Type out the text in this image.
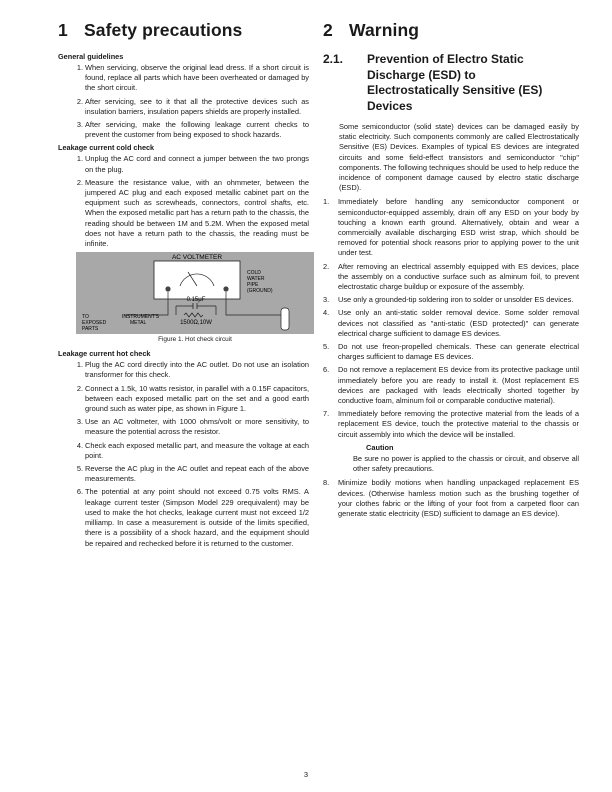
1 Safety precautions
General guidelines
1. When servicing, observe the original lead dress. If a short circuit is found, replace all parts which have been overheated or damaged by the short circuit.
2. After servicing, see to it that all the protective devices such as insulation barriers, insulation papers shields are properly installed.
3. After servicing, make the following leakage current checks to prevent the customer from being exposed to shock hazards.
Leakage current cold check
1. Unplug the AC cord and connect a jumper between the two prongs on the plug.
2. Measure the resistance value, with an ohmmeter, between the jumpered AC plug and each exposed metallic cabinet part on the equipment such as screwheads, connectors, control shafts, etc. When the exposed metallic part has a return path to the chassis, the reading should be between 1M and 5.2M. When the exposed metal does not have a return path to the chassis, the reading must be infinite.
AC VOLTMETER
0.15μF
1500Ω,10W
COLD
WATER
PIPE
(GROUND)
TO
EXPOSED
PARTS
INSTRUMENT'S
METAL
Figure 1. Hot check circuit
Leakage current hot check
1. Plug the AC cord directly into the AC outlet. Do not use an isolation transformer for this check.
2. Connect a 1.5k, 10 watts resistor, in parallel with a 0.15F capacitors, between each exposed metallic part on the set and a good earth ground such as water pipe, as shown in Figure 1.
3. Use an AC voltmeter, with 1000 ohms/volt or more sensitivity, to measure the potential across the resistor.
4. Check each exposed metallic part, and measure the voltage at each point.
5. Reverse the AC plug in the AC outlet and repeat each of the above measurements.
6. The potential at any point should not exceed 0.75 volts RMS. A leakage current tester (Simpson Model 229 orequivalent) may be used to make the hot checks, leakage current must not exceed 1/2 milliamp. In case a measurement is outside of the limits specified, there is a possibility of a shock hazard, and the equipment should be repaired and rechecked before it is returned to the customer.
2 Warning
2.1.	Prevention of Electro Static
Discharge (ESD) to
Electrostatically Sensitive (ES)
Devices

Some semiconductor (solid state) devices can be damaged easily by static electricity. Such components commonly are called Electrostatically Sensitive (ES) Devices. Examples of typical ES devices are integrated circuits and some field-effect transistors and semiconductor "chip" components. The following techniques should be used to help reduce the incidence of component damage caused by electro static discharge (ESD).

1.	Immediately before handling any semiconductor component or semiconductor-equipped assembly, drain off any ESD on your body by touching a known earth ground. Alternatively, obtain and wear a commercially available discharging ESD wrist strap, which should be removed for potential shock reasons prior to applying power to the unit under test.
2.	After removing an electrical assembly equipped with ES devices, place the assembly on a conductive surface such as alminum foil, to prevent electrostatic charge buildup or exposure of the assembly.
3.	Use only a grounded-tip soldering iron to solder or unsolder ES devices.
4.	Use only an anti-static solder removal device. Some solder removal devices not classified as "anti-static (ESD protected)" can generate electrical charge sufficient to damage ES devices.
5.	Do not use freon-propelled chemicals. These can generate electrical charges sufficient to damage ES devices.
6.	Do not remove a replacement ES device from its protective package until immediately before you are ready to install it. (Most replacement ES devices are packaged with leads electrically shorted together by conductive foam, alminum foil or comparable conductive material).
7.	Immediately before removing the protective material from the leads of a replacement ES device, touch the protective material to the chassis or circuit assembly into which the device will be installed.
Caution
Be sure no power is applied to the chassis or circuit, and observe all other safety precautions.
8.	Minimize bodily motions when handling unpackaged replacement ES devices. (Otherwise hamless motion such as the brushing together of your clothes fabric or the lifting of your foot from a carpeted floor can generate static electricity (ESD) sufficient to damage an ES device).
3
